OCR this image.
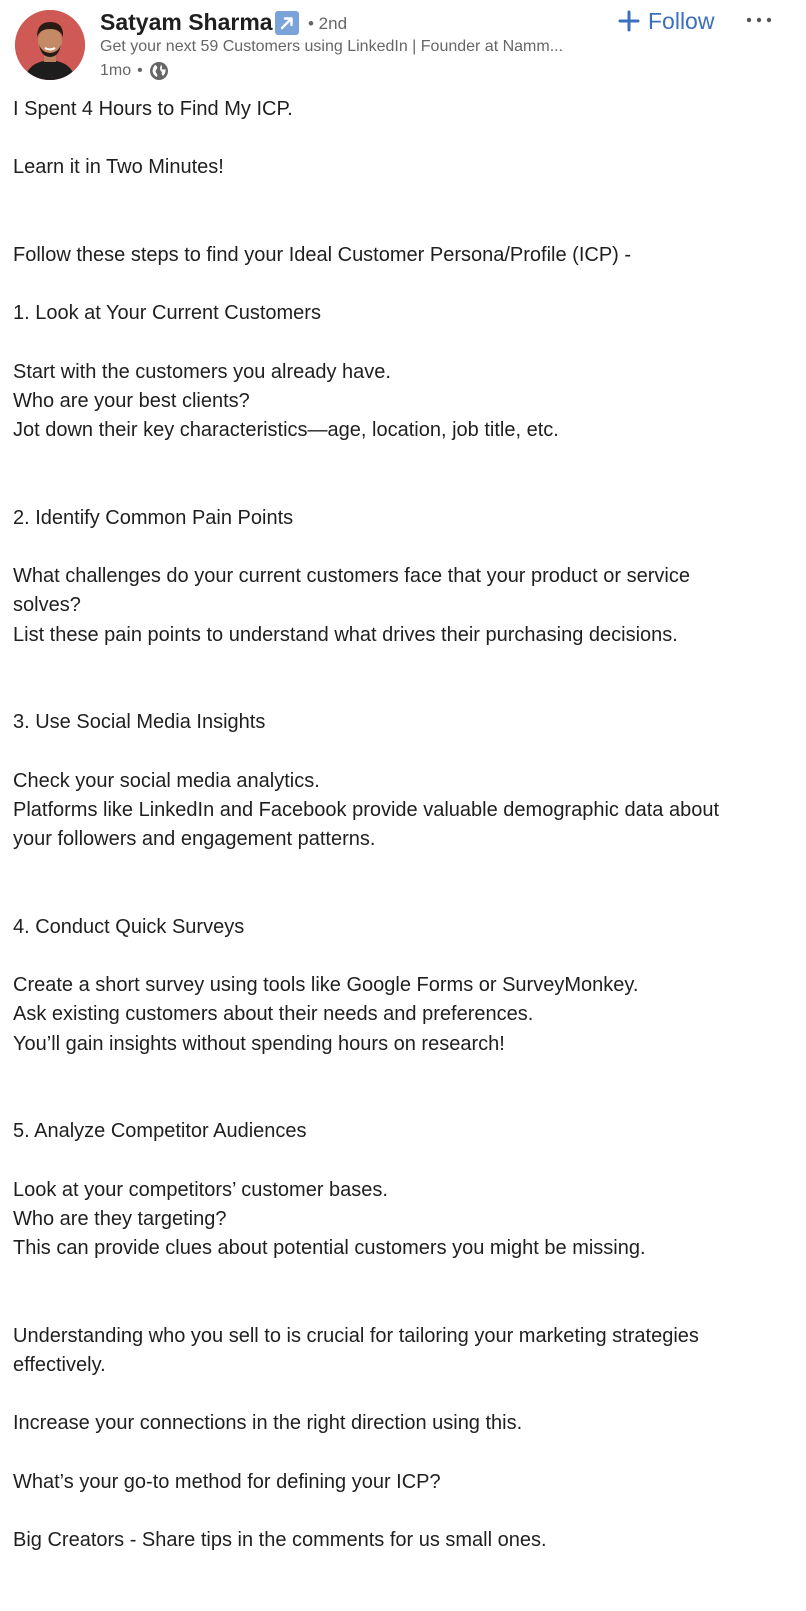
Satyam Sharma • 2nd
Get your next 59 Customers using LinkedIn | Founder at Namm...
1mo •
Follow

I Spent 4 Hours to Find My ICP.

Learn it in Two Minutes!

Follow these steps to find your Ideal Customer Persona/Profile (ICP) -

1. Look at Your Current Customers

Start with the customers you already have.

Who are your best clients?

Jot down their key characteristics—age, location, job title, etc.

2. Identify Common Pain Points

What challenges do your current customers face that your product or service

solves?

List these pain points to understand what drives their purchasing decisions.

3. Use Social Media Insights

Check your social media analytics.

Platforms like LinkedIn and Facebook provide valuable demographic data about

your followers and engagement patterns.

4. Conduct Quick Surveys

Create a short survey using tools like Google Forms or SurveyMonkey.

Ask existing customers about their needs and preferences.

You’ll gain insights without spending hours on research!

5. Analyze Competitor Audiences

Look at your competitors’ customer bases.

Who are they targeting?

This can provide clues about potential customers you might be missing.

Understanding who you sell to is crucial for tailoring your marketing strategies

effectively.

Increase your connections in the right direction using this.

What’s your go-to method for defining your ICP?

Big Creators - Share tips in the comments for us small ones.
